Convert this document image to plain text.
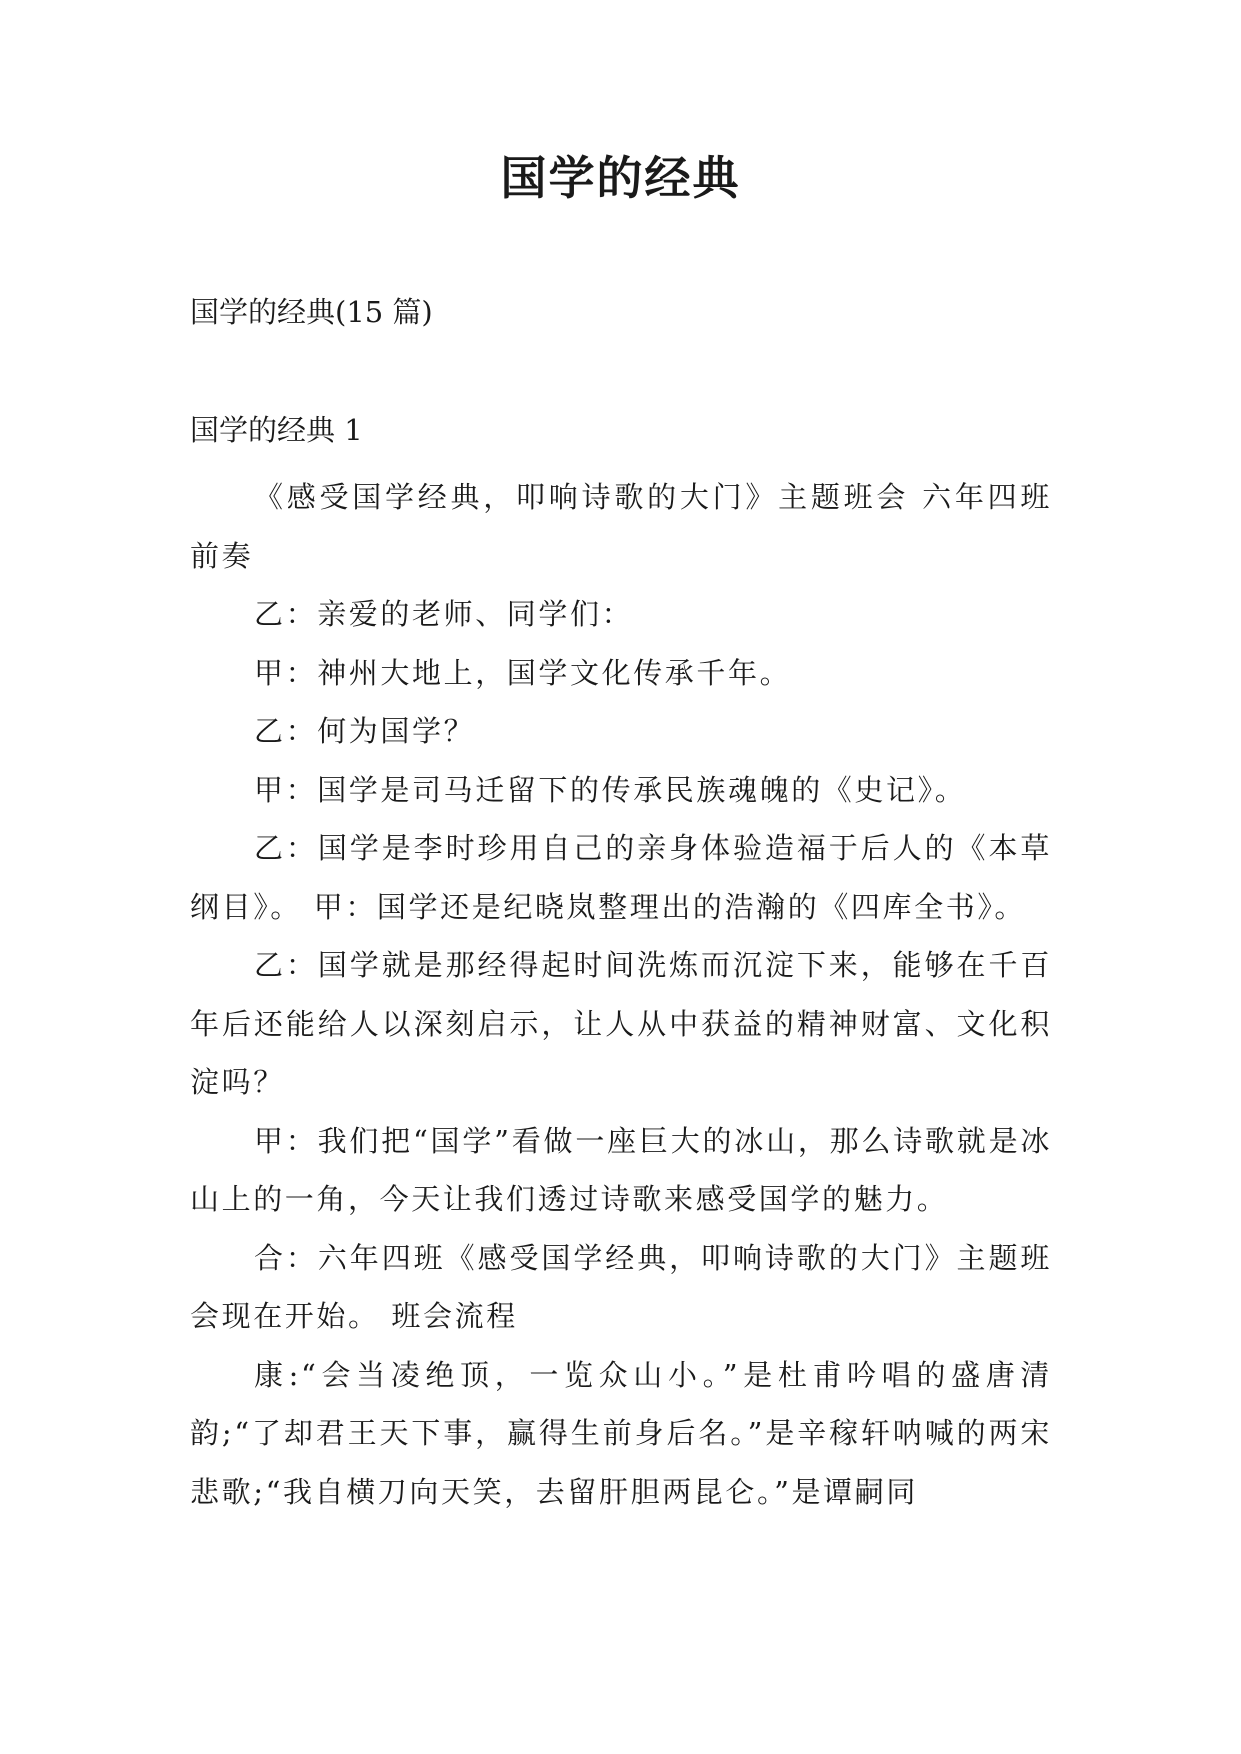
国学的经典

国学的经典(15 篇)

国学的经典 1

《感受国学经典，叩响诗歌的大门》主题班会 六年四班 前奏

乙：亲爱的老师、同学们：

甲：神州大地上，国学文化传承千年。

乙：何为国学？

甲：国学是司马迁留下的传承民族魂魄的《史记》。

乙：国学是李时珍用自己的亲身体验造福于后人的《本草纲目》。 甲：国学还是纪晓岚整理出的浩瀚的《四库全书》。

乙：国学就是那经得起时间洗炼而沉淀下来，能够在千百年后还能给人以深刻启示，让人从中获益的精神财富、文化积淀吗？

甲：我们把“国学”看做一座巨大的冰山，那么诗歌就是冰山上的一角，今天让我们透过诗歌来感受国学的魅力。

合：六年四班《感受国学经典，叩响诗歌的大门》主题班会现在开始。 班会流程

康:“会当凌绝顶，一览众山小。”是杜甫吟唱的盛唐清韵;“了却君王天下事，赢得生前身后名。”是辛稼轩呐喊的两宋悲歌;“我自横刀向天笑，去留肝胆两昆仑。”是谭嗣同
